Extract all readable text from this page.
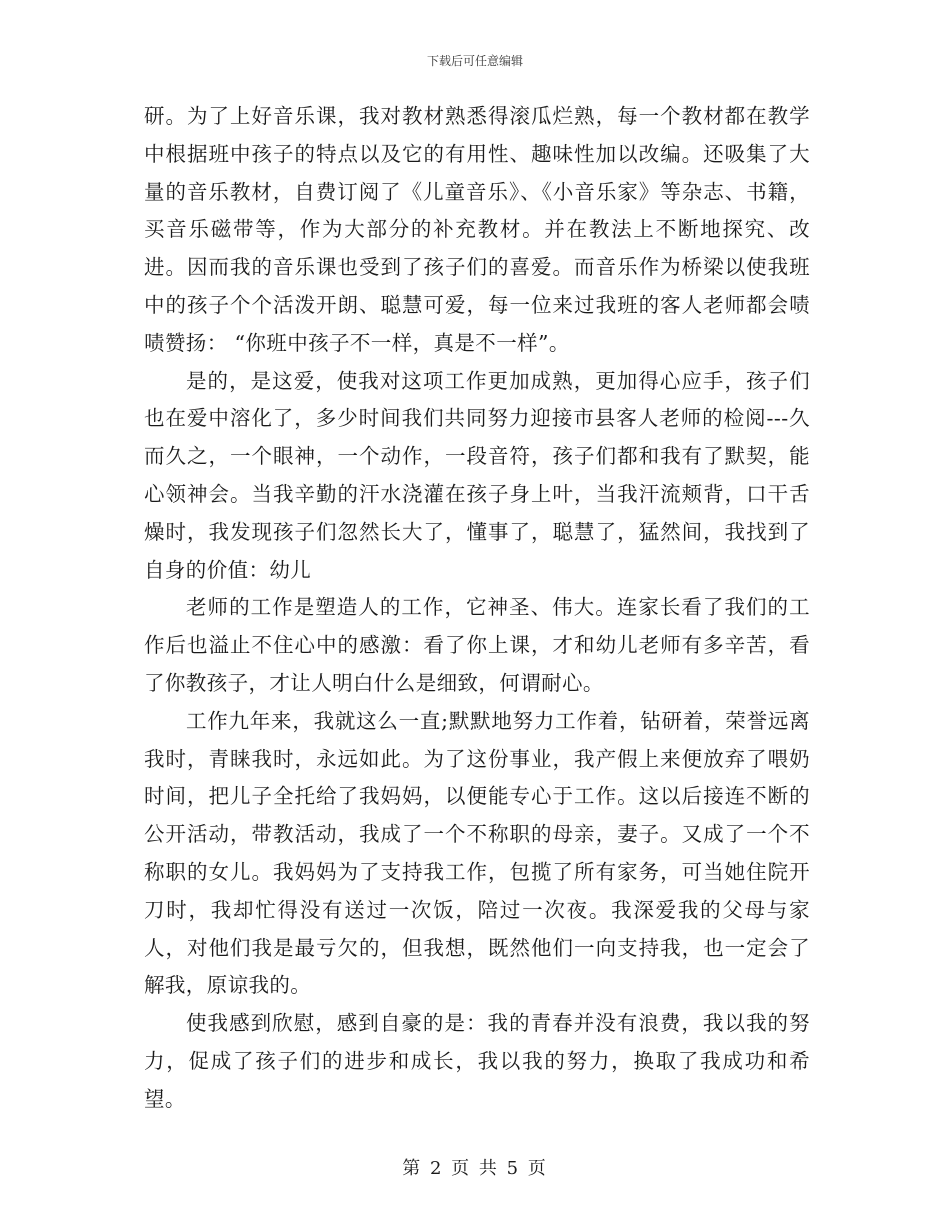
下载后可任意编辑

研。为了上好音乐课，我对教材熟悉得滚瓜烂熟，每一个教材都在教学中根据班中孩子的特点以及它的有用性、趣味性加以改编。还吸集了大量的音乐教材，自费订阅了《儿童音乐》、《小音乐家》等杂志、书籍，买音乐磁带等，作为大部分的补充教材。并在教法上不断地探究、改进。因而我的音乐课也受到了孩子们的喜爱。而音乐作为桥梁以使我班中的孩子个个活泼开朗、聪慧可爱，每一位来过我班的客人老师都会啧啧赞扬： “你班中孩子不一样，真是不一样”。

是的，是这爱，使我对这项工作更加成熟，更加得心应手，孩子们也在爱中溶化了，多少时间我们共同努力迎接市县客人老师的检阅---久而久之，一个眼神，一个动作，一段音符，孩子们都和我有了默契，能心领神会。当我辛勤的汗水浇灌在孩子身上叶，当我汗流颊背，口干舌燥时，我发现孩子们忽然长大了，懂事了，聪慧了，猛然间，我找到了自身的价值：幼儿

老师的工作是塑造人的工作，它神圣、伟大。连家长看了我们的工作后也溢止不住心中的感激：看了你上课，才和幼儿老师有多辛苦，看了你教孩子，才让人明白什么是细致，何谓耐心。

工作九年来，我就这么一直;默默地努力工作着，钻研着，荣誉远离我时，青睐我时，永远如此。为了这份事业，我产假上来便放弃了喂奶时间，把儿子全托给了我妈妈，以便能专心于工作。这以后接连不断的公开活动，带教活动，我成了一个不称职的母亲，妻子。又成了一个不称职的女儿。我妈妈为了支持我工作，包揽了所有家务，可当她住院开刀时，我却忙得没有送过一次饭，陪过一次夜。我深爱我的父母与家人，对他们我是最亏欠的，但我想，既然他们一向支持我，也一定会了解我，原谅我的。

使我感到欣慰，感到自豪的是：我的青春并没有浪费，我以我的努力，促成了孩子们的进步和成长，我以我的努力，换取了我成功和希望。

第 2 页 共 5 页
